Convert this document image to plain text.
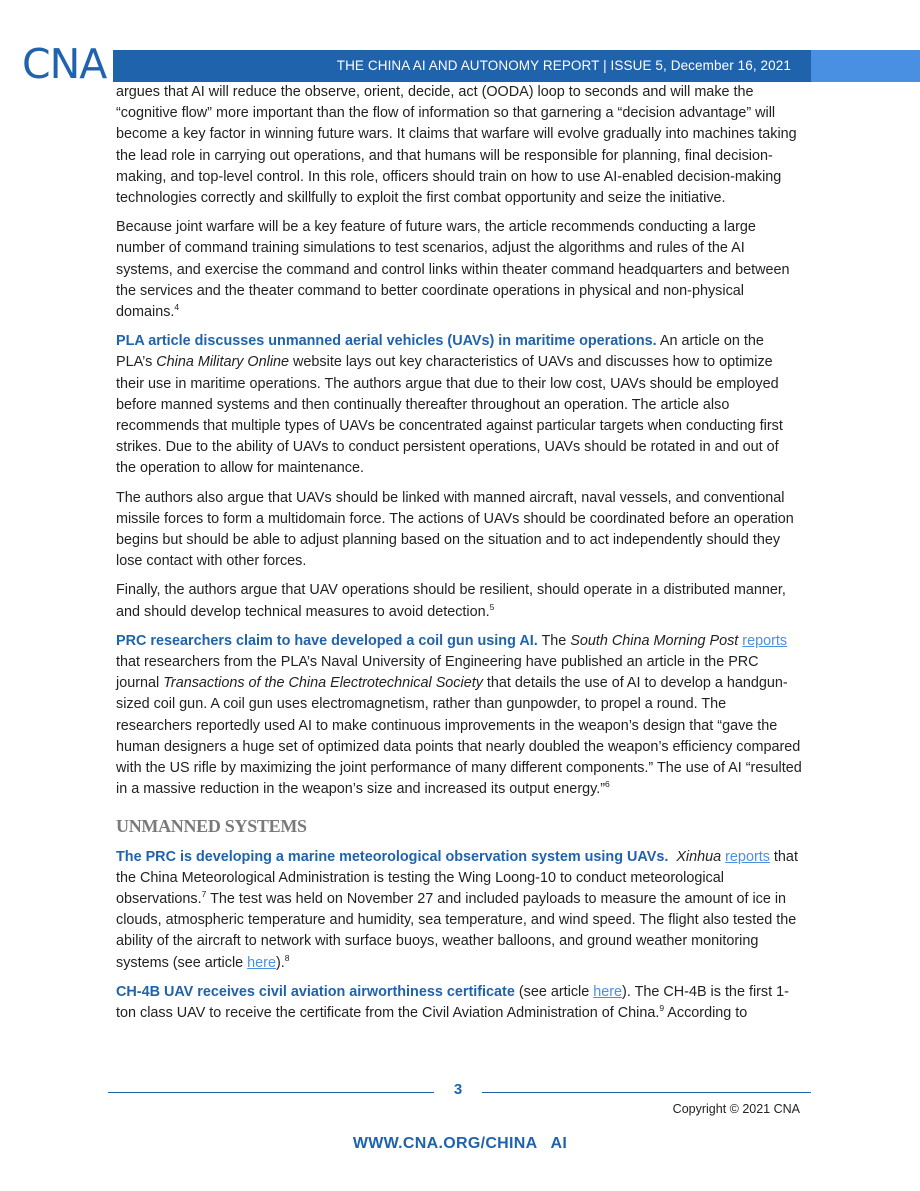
CNA	THE CHINA AI AND AUTONOMY REPORT | ISSUE 5, December 16, 2021

argues that AI will reduce the observe, orient, decide, act (OODA) loop to seconds and will make the “cognitive flow” more important than the flow of information so that garnering a “decision advantage” will become a key factor in winning future wars. It claims that warfare will evolve gradually into machines taking the lead role in carrying out operations, and that humans will be responsible for planning, final decision-making, and top-level control. In this role, officers should train on how to use AI-enabled decision-making technologies correctly and skillfully to exploit the first combat opportunity and seize the initiative.

Because joint warfare will be a key feature of future wars, the article recommends conducting a large number of command training simulations to test scenarios, adjust the algorithms and rules of the AI systems, and exercise the command and control links within theater command headquarters and between the services and the theater command to better coordinate operations in physical and non-physical domains.$^4$

PLA article discusses unmanned aerial vehicles (UAVs) in maritime operations. An article on the PLA’s China Military Online website lays out key characteristics of UAVs and discusses how to optimize their use in maritime operations. The authors argue that due to their low cost, UAVs should be employed before manned systems and then continually thereafter throughout an operation. The article also recommends that multiple types of UAVs be concentrated against particular targets when conducting first strikes. Due to the ability of UAVs to conduct persistent operations, UAVs should be rotated in and out of the operation to allow for maintenance.

The authors also argue that UAVs should be linked with manned aircraft, naval vessels, and conventional missile forces to form a multidomain force. The actions of UAVs should be coordinated before an operation begins but should be able to adjust planning based on the situation and to act independently should they lose contact with other forces.

Finally, the authors argue that UAV operations should be resilient, should operate in a distributed manner, and should develop technical measures to avoid detection.$^5$

PRC researchers claim to have developed a coil gun using AI. The South China Morning Post reports that researchers from the PLA’s Naval University of Engineering have published an article in the PRC journal Transactions of the China Electrotechnical Society that details the use of AI to develop a handgun-sized coil gun. A coil gun uses electromagnetism, rather than gunpowder, to propel a round. The researchers reportedly used AI to make continuous improvements in the weapon’s design that “gave the human designers a huge set of optimized data points that nearly doubled the weapon’s efficiency compared with the US rifle by maximizing the joint performance of many different components.” The use of AI “resulted in a massive reduction in the weapon’s size and increased its output energy.”$^6$

UNMANNED SYSTEMS

The PRC is developing a marine meteorological observation system using UAVs. Xinhua reports that the China Meteorological Administration is testing the Wing Loong-10 to conduct meteorological observations.$^7$ The test was held on November 27 and included payloads to measure the amount of ice in clouds, atmospheric temperature and humidity, sea temperature, and wind speed. The flight also tested the ability of the aircraft to network with surface buoys, weather balloons, and ground weather monitoring systems (see article here).$^8$

CH-4B UAV receives civil aviation airworthiness certificate (see article here). The CH-4B is the first 1-ton class UAV to receive the certificate from the Civil Aviation Administration of China.$^9$ According to

3
Copyright © 2021 CNA
WWW.CNA.ORG/CHINA   AI
